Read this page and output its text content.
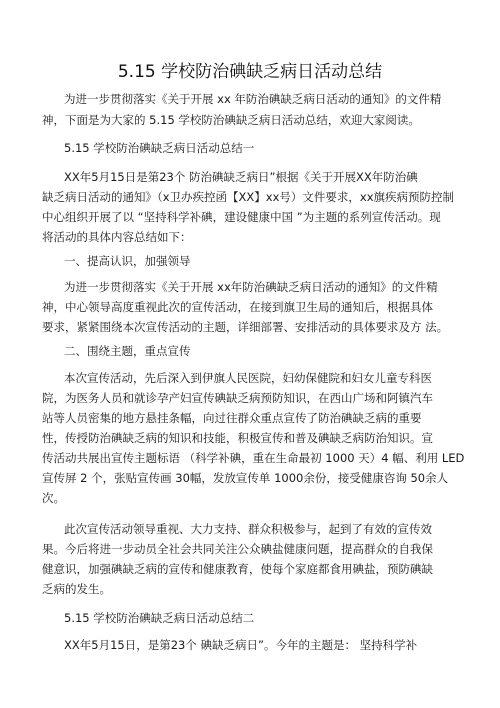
5.15 学校防治碘缺乏病日活动总结

为进一步贯彻落实《关于开展 xx 年防治碘缺乏病日活动的通知》的文件精

神，下面是为大家的 5.15 学校防治碘缺乏病日活动总结，欢迎大家阅读。

5.15 学校防治碘缺乏病日活动总结一

XX年5月15日是第23个 防治碘缺乏病日”根据《关于开展XX年防治碘

缺乏病日活动的通知》（x卫办疾控函【XX】xx号）文件要求，xx旗疾病预防控制

中心组织开展了以 “坚持科学补碘，建设健康中国 ”为主题的系列宣传活动。现

将活动的具体内容总结如下：

一、提高认识，加强领导

为进一步贯彻落实《关于开展 xx年防治碘缺乏病日活动的通知》的文件精

神，中心领导高度重视此次的宣传活动，在接到旗卫生局的通知后，根据具体

要求，紧紧围绕本次宣传活动的主题，详细部署、安排活动的具体要求及方 法。

二、围绕主题，重点宣传

本次宣传活动，先后深入到伊旗人民医院，妇幼保健院和妇女儿童专科医

院，为医务人员和就诊孕产妇宣传碘缺乏病预防知识，在西山广场和阿镇汽车

站等人员密集的地方悬挂条幅，向过往群众重点宣传了防治碘缺乏病的重要

性，传授防治碘缺乏病的知识和技能，积极宣传和普及碘缺乏病防治知识。宣

传活动共展出宣传主题标语 （科学补碘，重在生命最初 1000 天）4 幅、利用 LED

宣传屏 2 个，张贴宣传画 30幅，发放宣传单 1000余份，接受健康咨询 50余人

次。

此次宣传活动领导重视、大力支持、群众积极参与，起到了有效的宣传效

果。今后将进一步动员全社会共同关注公众碘盐健康问题，提高群众的自我保

健意识，加强碘缺乏病的宣传和健康教育，使每个家庭都食用碘盐，预防碘缺

乏病的发生。

5.15 学校防治碘缺乏病日活动总结二

XX年5月15日，是第23个 碘缺乏病日”。今年的主题是： 坚持科学补
